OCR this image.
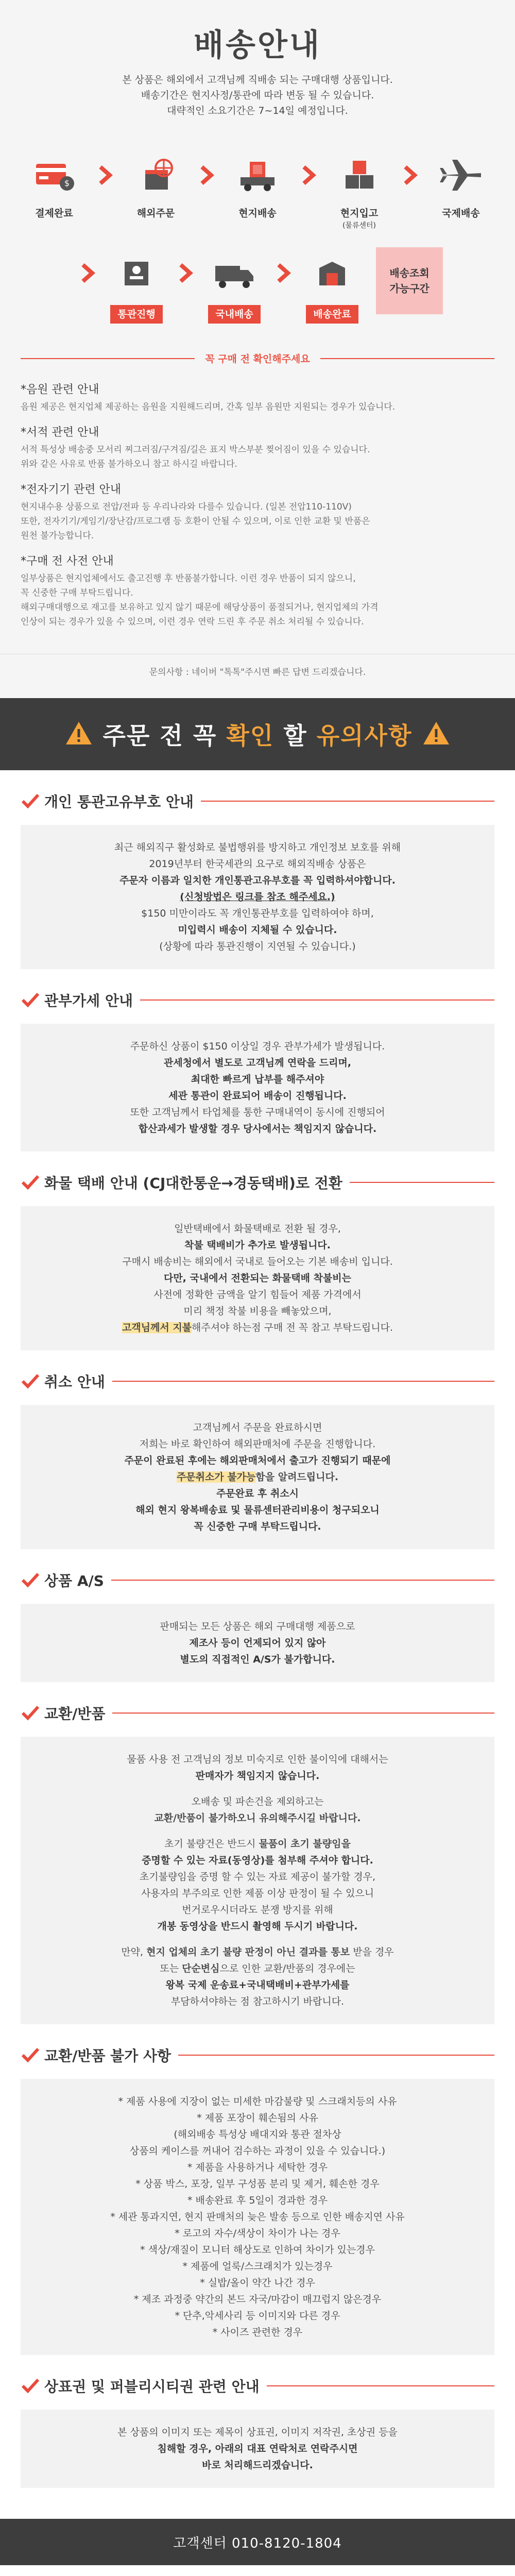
배송안내

본 상품은 해외에서 고객님께 직배송 되는 구매대행 상품입니다.

배송기간은 현지사정/통관에 따라 변동 될 수 있습니다.

대략적인 소요기간은 7~14일 예정입니다.

$
결제완료	해외주문	현지배송	현지입고
(물류센터)
국제배송
통관진행	국내배송	배송완료
배송조회
가능구간
꼭 구매 전 확인해주세요
*음원 관련 안내

음원 제공은 현지업체 제공하는 음원을 지원해드리며, 간혹 일부 음원만 지원되는 경우가 있습니다.

*서적 관련 안내

서적 특성상 배송중 모서리 찌그러짐/구겨짐/길은 표지 박스부분 찢어짐이 있을 수 있습니다.

위와 같은 사유로 반품 불가하오니 참고 하시길 바랍니다.

*전자기기 관련 안내

현지내수용 상품으로 전압/전파 등 우리나라와 다를수 있습니다. (일본 전압110-110V)

또한, 전자기기/게임기/장난감/프로그램 등 호환이 안될 수 있으며, 이로 인한 교환 및 반품은

원천 불가능합니다.

*구매 전 사전 안내

일부상품은 현지업체에서도 출고진행 후 반품불가합니다. 이런 경우 반품이 되지 않으니,

꼭 신중한 구매 부탁드립니다.

해외구매대행으로 재고를 보유하고 있지 않기 때문에 해당상품이 품절되거나, 현지업체의 가격

인상이 되는 경우가 있을 수 있으며, 이런 경우 연락 드린 후 주문 취소 처리될 수 있습니다.

문의사항 : 네이버 "톡톡"주시면 빠른 답변 드리겠습니다.

주문 전 꼭 확인 할 유의사항
개인 통관고유부호 안내

최근 해외직구 활성화로 불법행위를 방지하고 개인정보 보호를 위해

2019년부터 한국세관의 요구로 해외직배송 상품은

주문자 이름과 일치한 개인통관고유부호를 꼭 입력하셔야합니다.

(신청방법은 링크를 참조 해주세요.)

$150 미만이라도 꼭 개인통관부호를 입력하여야 하며,

미입력시 배송이 지체될 수 있습니다.

(상황에 따라 통관진행이 지연될 수 있습니다.)

관부가세 안내

주문하신 상품이 $150 이상일 경우 관부가세가 발생됩니다.

관세청에서 별도로 고객님께 연락을 드리며,

최대한 빠르게 납부를 해주셔야

세관 통관이 완료되어 배송이 진행됩니다.

또한 고객님께서 타업체를 통한 구매내역이 동시에 진행되어

합산과세가 발생할 경우 당사에서는 책임지지 않습니다.

화물 택배 안내 (CJ대한통운→경동택배)로 전환

일반택배에서 화물택배로 전환 될 경우,

착불 택배비가 추가로 발생됩니다.

구매시 배송비는 해외에서 국내로 들어오는 기본 배송비 입니다.

다만, 국내에서 전환되는 화물택배 착불비는

사전에 정확한 금액을 알기 힘들어 제품 가격에서

미리 책정 착불 비용을 빼놓았으며,

고객님께서 지불해주셔야 하는점 구매 전 꼭 참고 부탁드립니다.

취소 안내

고객님께서 주문을 완료하시면

저희는 바로 확인하여 해외판매처에 주문을 진행합니다.

주문이 완료된 후에는 해외판매처에서 출고가 진행되기 때문에

주문취소가 불가능함을 알려드립니다.

주문완료 후 취소시

해외 현지 왕복배송료 및 물류센터관리비용이 청구되오니

꼭 신중한 구매 부탁드립니다.

상품 A/S

판매되는 모든 상품은 해외 구매대행 제품으로

제조사 등이 언제되어 있지 않아

별도의 직접적인 A/S가 불가합니다.

교환/반품

물품 사용 전 고객님의 정보 미숙지로 인한 불이익에 대해서는

판매자가 책임지지 않습니다.

오배송 및 파손건을 제외하고는

교환/반품이 불가하오니 유의해주시길 바랍니다.

초기 불량건은 반드시 물품이 초기 불량임을

증명할 수 있는 자료(동영상)를 첨부해 주셔야 합니다.

초기불량임을 증명 할 수 있는 자료 제공이 불가할 경우,

사용자의 부주의로 인한 제품 이상 판정이 될 수 있으니

번거로우시더라도 분쟁 방지를 위해

개봉 동영상을 반드시 촬영해 두시기 바랍니다.

만약, 현지 업체의 초기 불량 판정이 아닌 결과를 통보 받을 경우

또는 단순변심으로 인한 교환/반품의 경우에는

왕복 국제 운송료+국내택배비+관부가세를

부담하셔야하는 점 참고하시기 바랍니다.

교환/반품 불가 사항

* 제품 사용에 지장이 없는 미세한 마감불량 및 스크래치등의 사유

* 제품 포장이 훼손됨의 사유

(해외배송 특성상 배대지와 통관 절차상

상품의 케이스를 꺼내어 검수하는 과정이 있을 수 있습니다.)

* 제품을 사용하거나 세탁한 경우

* 상품 박스, 포장, 일부 구성품 분리 및 제거, 훼손한 경우

* 배송완료 후 5일이 경과한 경우

* 세관 통과지연, 현지 판매처의 늦은 발송 등으로 인한 배송지연 사유

* 로고의 자수/색상이 차이가 나는 경우

* 색상/재질이 모니터 해상도로 인하여 차이가 있는경우

* 제품에 얼룩/스크래치가 있는경우

* 실밥/올이 약간 나간 경우

* 제조 과정중 약간의 본드 자국/마감이 매끄럽지 않은경우

* 단추,악세사리 등 이미지와 다른 경우

* 사이즈 관련한 경우

상표권 및 퍼블리시티권 관련 안내

본 상품의 이미지 또는 제목이 상표권, 이미지 저작권, 초상권 등을

침해할 경우, 아래의 대표 연락처로 연락주시면

바로 처리해드리겠습니다.

고객센터 010-8120-1804
